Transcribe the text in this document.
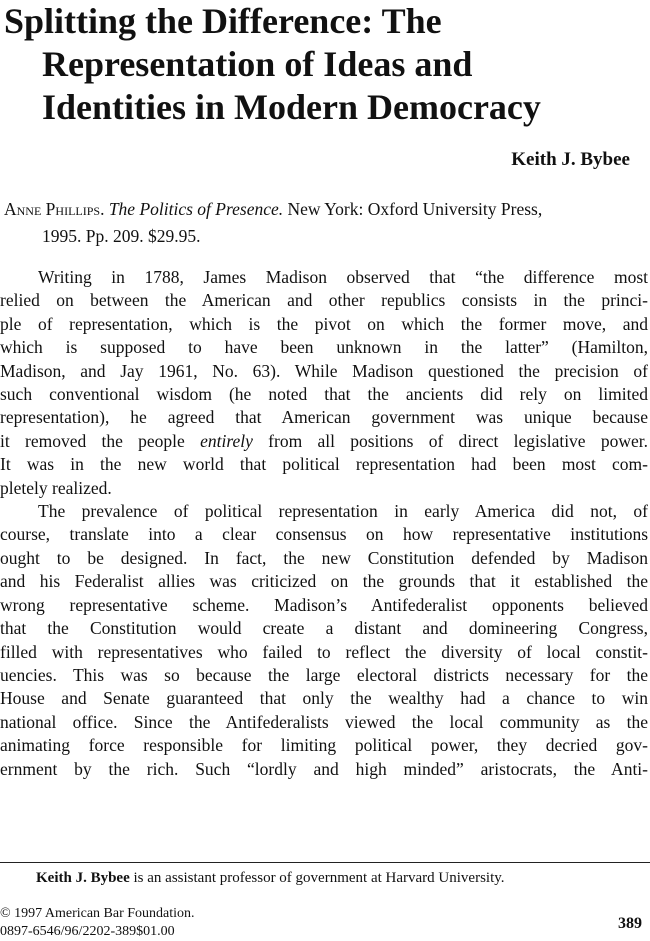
Splitting the Difference: The
Representation of Ideas and
Identities in Modern Democracy
Keith J. Bybee
Anne Phillips. The Politics of Presence. New York: Oxford University Press,
1995. Pp. 209. $29.95.
Writing in 1788, James Madison observed that “the difference most
relied on between the American and other republics consists in the princi-
ple of representation, which is the pivot on which the former move, and
which is supposed to have been unknown in the latter” (Hamilton,
Madison, and Jay 1961, No. 63). While Madison questioned the precision of
such conventional wisdom (he noted that the ancients did rely on limited
representation), he agreed that American government was unique because
it removed the people entirely from all positions of direct legislative power.
It was in the new world that political representation had been most com-
pletely realized.
The prevalence of political representation in early America did not, of
course, translate into a clear consensus on how representative institutions
ought to be designed. In fact, the new Constitution defended by Madison
and his Federalist allies was criticized on the grounds that it established the
wrong representative scheme. Madison’s Antifederalist opponents believed
that the Constitution would create a distant and domineering Congress,
filled with representatives who failed to reflect the diversity of local constit-
uencies. This was so because the large electoral districts necessary for the
House and Senate guaranteed that only the wealthy had a chance to win
national office. Since the Antifederalists viewed the local community as the
animating force responsible for limiting political power, they decried gov-
ernment by the rich. Such “lordly and high minded” aristocrats, the Anti-
Keith J. Bybee is an assistant professor of government at Harvard University.
© 1997 American Bar Foundation.
0897-6546/96/2202-389$01.00	389
